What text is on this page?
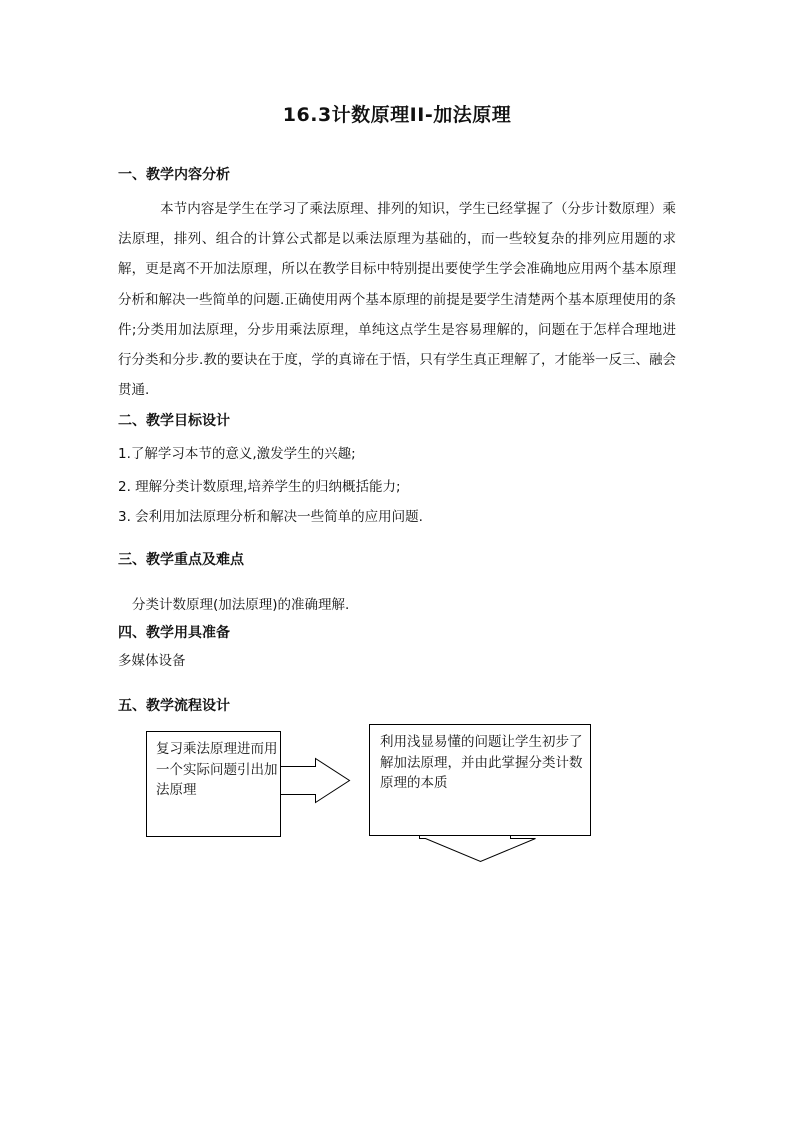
16.3计数原理II-加法原理
一、教学内容分析
本节内容是学生在学习了乘法原理、排列的知识，学生已经掌握了（分步计数原理）乘法原理，排列、组合的计算公式都是以乘法原理为基础的，而一些较复杂的排列应用题的求解，更是离不开加法原理，所以在教学目标中特别提出要使学生学会准确地应用两个基本原理分析和解决一些简单的问题.正确使用两个基本原理的前提是要学生清楚两个基本原理使用的条件;分类用加法原理，分步用乘法原理，单纯这点学生是容易理解的，问题在于怎样合理地进行分类和分步.教的要诀在于度，学的真谛在于悟，只有学生真正理解了，才能举一反三、融会贯通.
二、教学目标设计
1.了解学习本节的意义,激发学生的兴趣;
2. 理解分类计数原理,培养学生的归纳概括能力;
3. 会利用加法原理分析和解决一些简单的应用问题.
三、教学重点及难点
分类计数原理(加法原理)的准确理解.
四、教学用具准备
多媒体设备
五、教学流程设计
复习乘法原理进而用一个实际问题引出加法原理
利用浅显易懂的问题让学生初步了解加法原理，并由此掌握分类计数原理的本质
